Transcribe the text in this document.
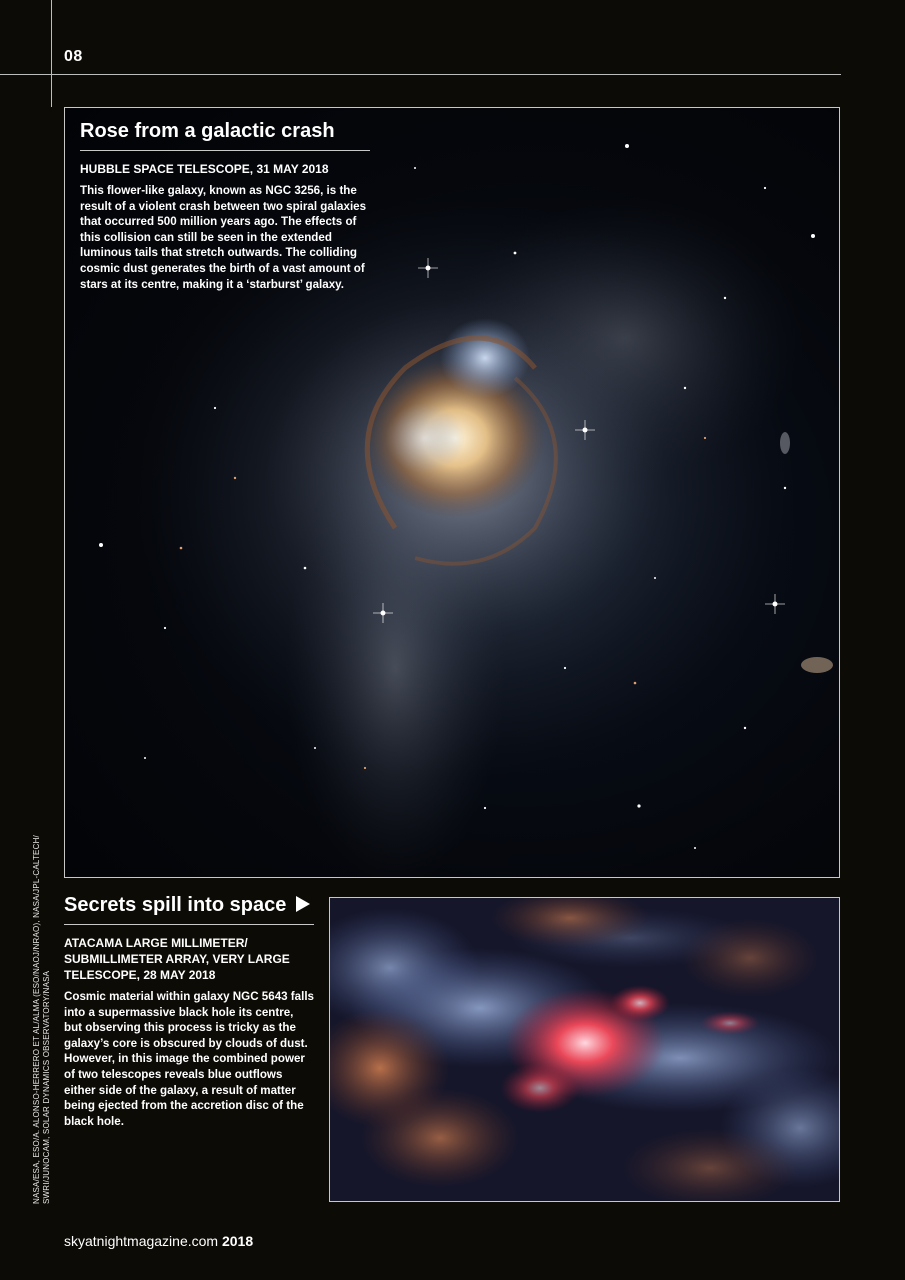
08
Rose from a galactic crash
HUBBLE SPACE TELESCOPE, 31 MAY 2018
This flower-like galaxy, known as NGC 3256, is the result of a violent crash between two spiral galaxies that occurred 500 million years ago. The effects of this collision can still be seen in the extended luminous tails that stretch outwards. The colliding cosmic dust generates the birth of a vast amount of stars at its centre, making it a ‘starburst’ galaxy.
Secrets spill into space
ATACAMA LARGE MILLIMETER/
SUBMILLIMETER ARRAY, VERY LARGE
TELESCOPE, 28 MAY 2018
Cosmic material within galaxy NGC 5643 falls into a supermassive black hole its centre, but observing this process is tricky as the galaxy’s core is obscured by clouds of dust. However, in this image the combined power of two telescopes reveals blue outflows either side of the galaxy, a result of matter being ejected from the accretion disc of the black hole.
NASA/ESA, ESO/A. ALONSO-HERRERO ET AL/ALMA (ESO/NAOJ/NRAO), NASA/JPL-CALTECH/ SWRI/JUNOCAM, SOLAR DYNAMICS OBSERVATORY/NASA
skyatnightmagazine.com 2018
